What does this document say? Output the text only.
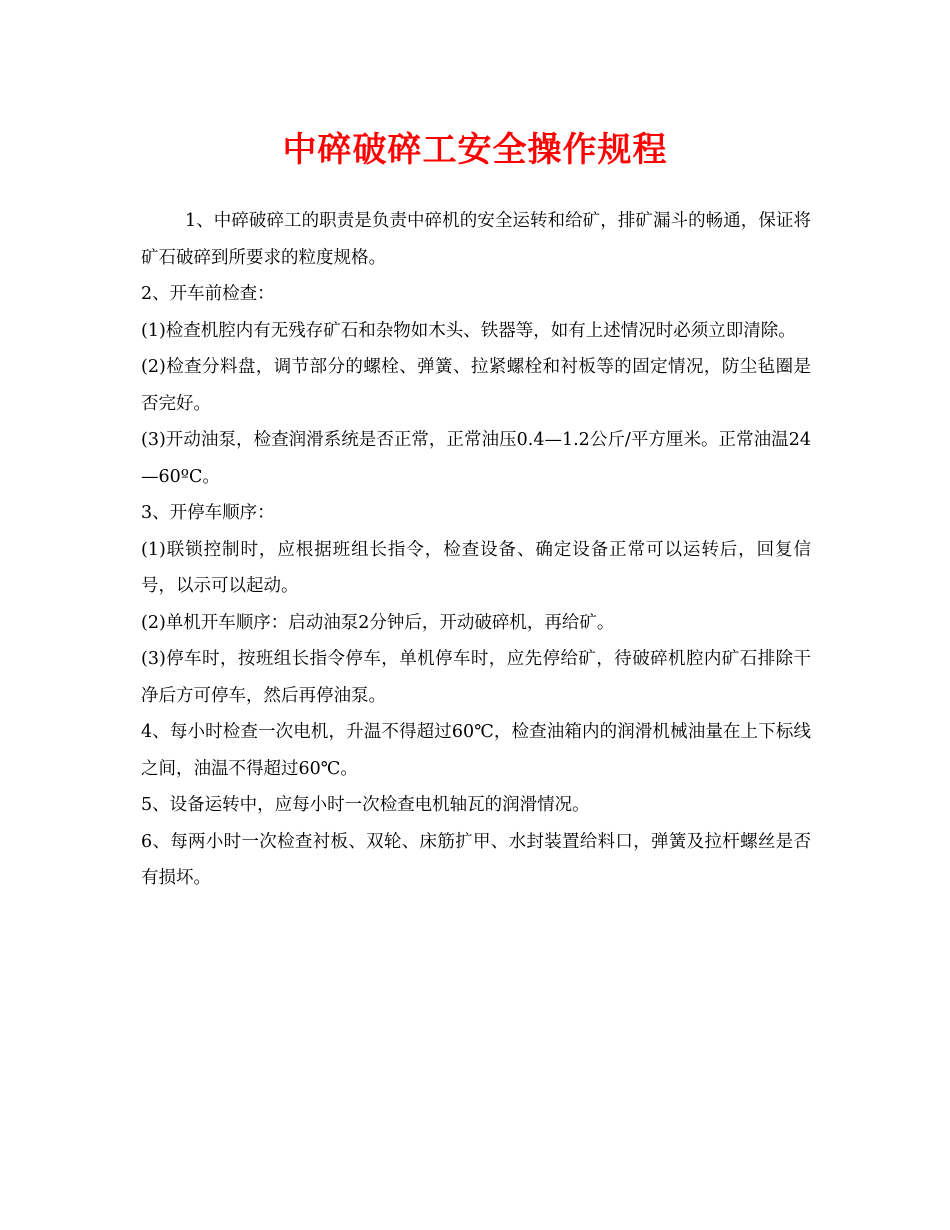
中碎破碎工安全操作规程

1、中碎破碎工的职责是负责中碎机的安全运转和给矿，排矿漏斗的畅通，保证将矿石破碎到所要求的粒度规格。

2、开车前检查：

(1)检查机腔内有无残存矿石和杂物如木头、铁器等，如有上述情况时必须立即清除。

(2)检查分料盘，调节部分的螺栓、弹簧、拉紧螺栓和衬板等的固定情况，防尘毡圈是否完好。

(3)开动油泵，检查润滑系统是否正常，正常油压0.4—1.2公斤/平方厘米。正常油温24—60ºC。

3、开停车顺序：

(1)联锁控制时，应根据班组长指令，检查设备、确定设备正常可以运转后，回复信号，以示可以起动。

(2)单机开车顺序：启动油泵2分钟后，开动破碎机，再给矿。

(3)停车时，按班组长指令停车，单机停车时，应先停给矿，待破碎机腔内矿石排除干净后方可停车，然后再停油泵。

4、每小时检查一次电机，升温不得超过60℃，检查油箱内的润滑机械油量在上下标线之间，油温不得超过60℃。

5、设备运转中，应每小时一次检查电机轴瓦的润滑情况。

6、每两小时一次检查衬板、双轮、床筋扩甲、水封装置给料口，弹簧及拉杆螺丝是否有损坏。
